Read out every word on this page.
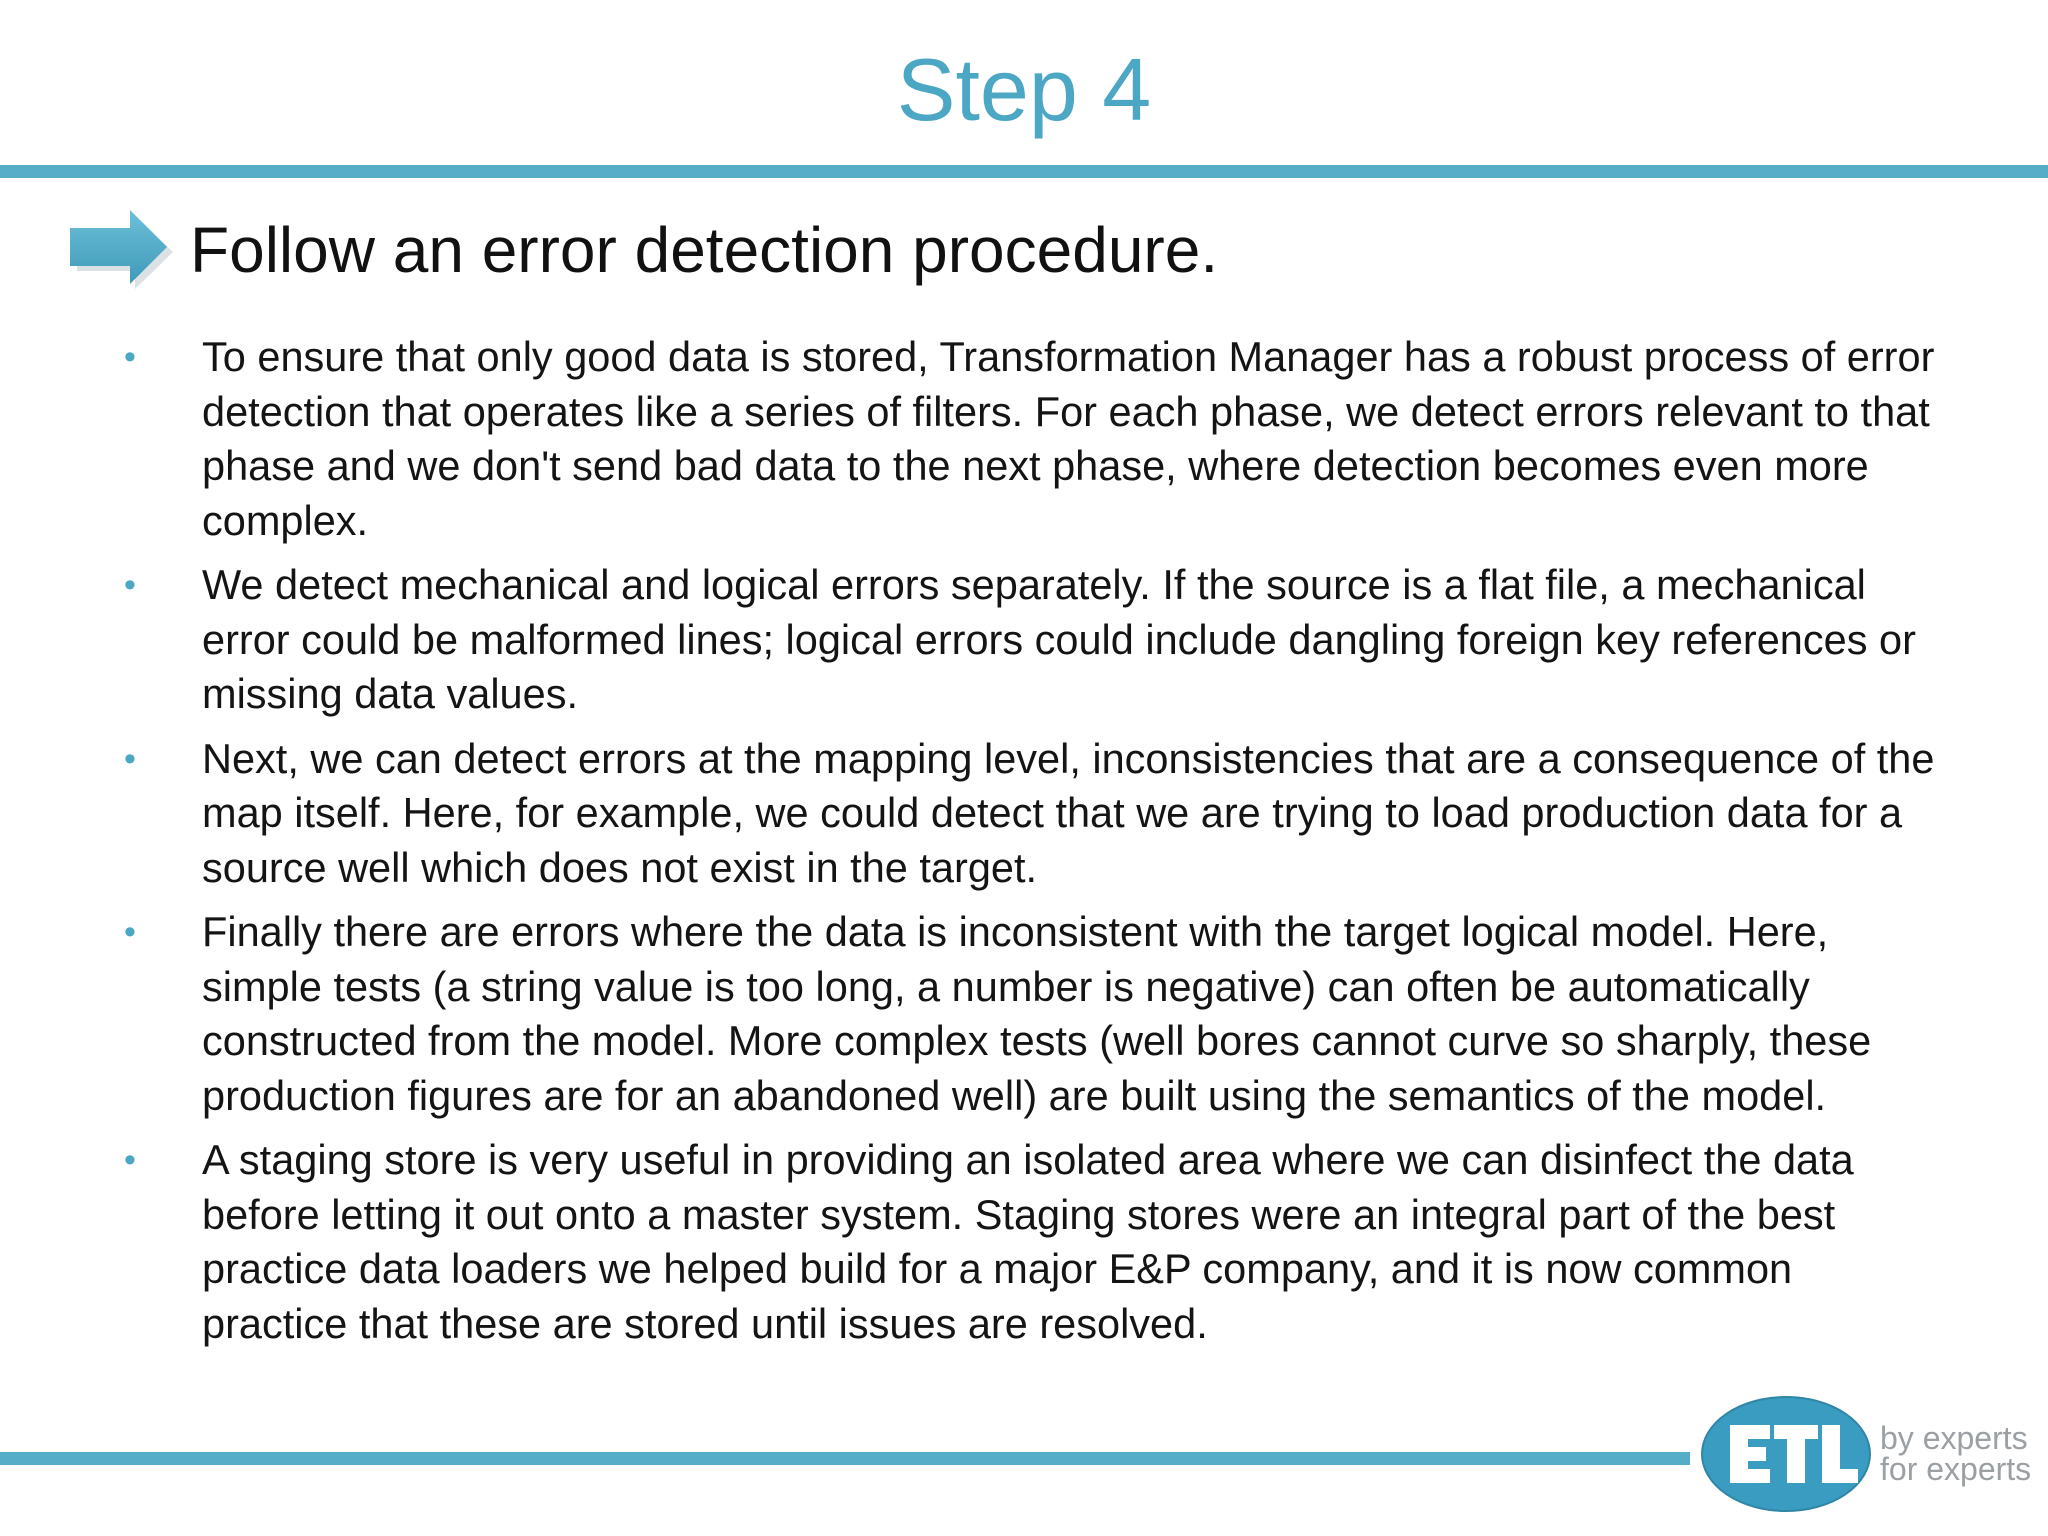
Step 4
Follow an error detection procedure.
• To ensure that only good data is stored, Transformation Manager has a robust process of error detection that operates like a series of filters. For each phase, we detect errors relevant to that phase and we don't send bad data to the next phase, where detection becomes even more complex.
• We detect mechanical and logical errors separately. If the source is a flat file, a mechanical error could be malformed lines; logical errors could include dangling foreign key references or missing data values.
• Next, we can detect errors at the mapping level, inconsistencies that are a consequence of the map itself. Here, for example, we could detect that we are trying to load production data for a source well which does not exist in the target.
• Finally there are errors where the data is inconsistent with the target logical model. Here, simple tests (a string value is too long, a number is negative) can often be automatically constructed from the model. More complex tests (well bores cannot curve so sharply, these production figures are for an abandoned well) are built using the semantics of the model.
• A staging store is very useful in providing an isolated area where we can disinfect the data before letting it out onto a master system. Staging stores were an integral part of the best practice data loaders we helped build for a major E&P company, and it is now common practice that these are stored until issues are resolved.
by experts
for experts
